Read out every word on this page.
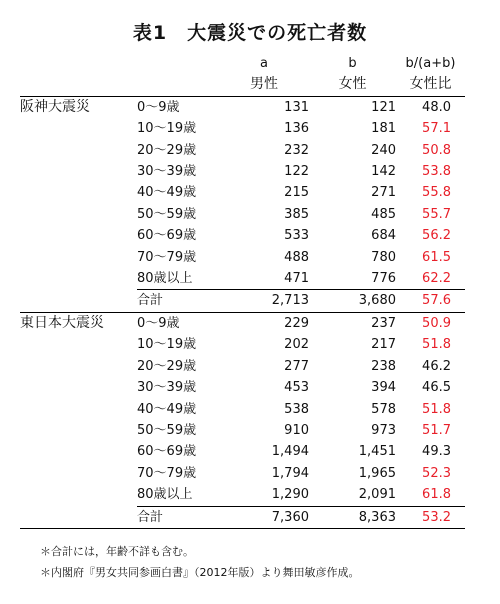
表1　大震災での死亡者数
		a	b	b/(a+b)
		男性	女性	女性比
阪神大震災	0～9歳	131	121	48.0
	10～19歳	136	181	57.1
	20～29歳	232	240	50.8
	30～39歳	122	142	53.8
	40～49歳	215	271	55.8
	50～59歳	385	485	55.7
	60～69歳	533	684	56.2
	70～79歳	488	780	61.5
	80歳以上	471	776	62.2
	合計	2,713	3,680	57.6
東日本大震災	0～9歳	229	237	50.9
	10～19歳	202	217	51.8
	20～29歳	277	238	46.2
	30～39歳	453	394	46.5
	40～49歳	538	578	51.8
	50～59歳	910	973	51.7
	60～69歳	1,494	1,451	49.3
	70～79歳	1,794	1,965	52.3
	80歳以上	1,290	2,091	61.8
	合計	7,360	8,363	53.2
＊合計には，年齢不詳も含む。
＊内閣府『男女共同参画白書』（2012年版）より舞田敏彦作成。
